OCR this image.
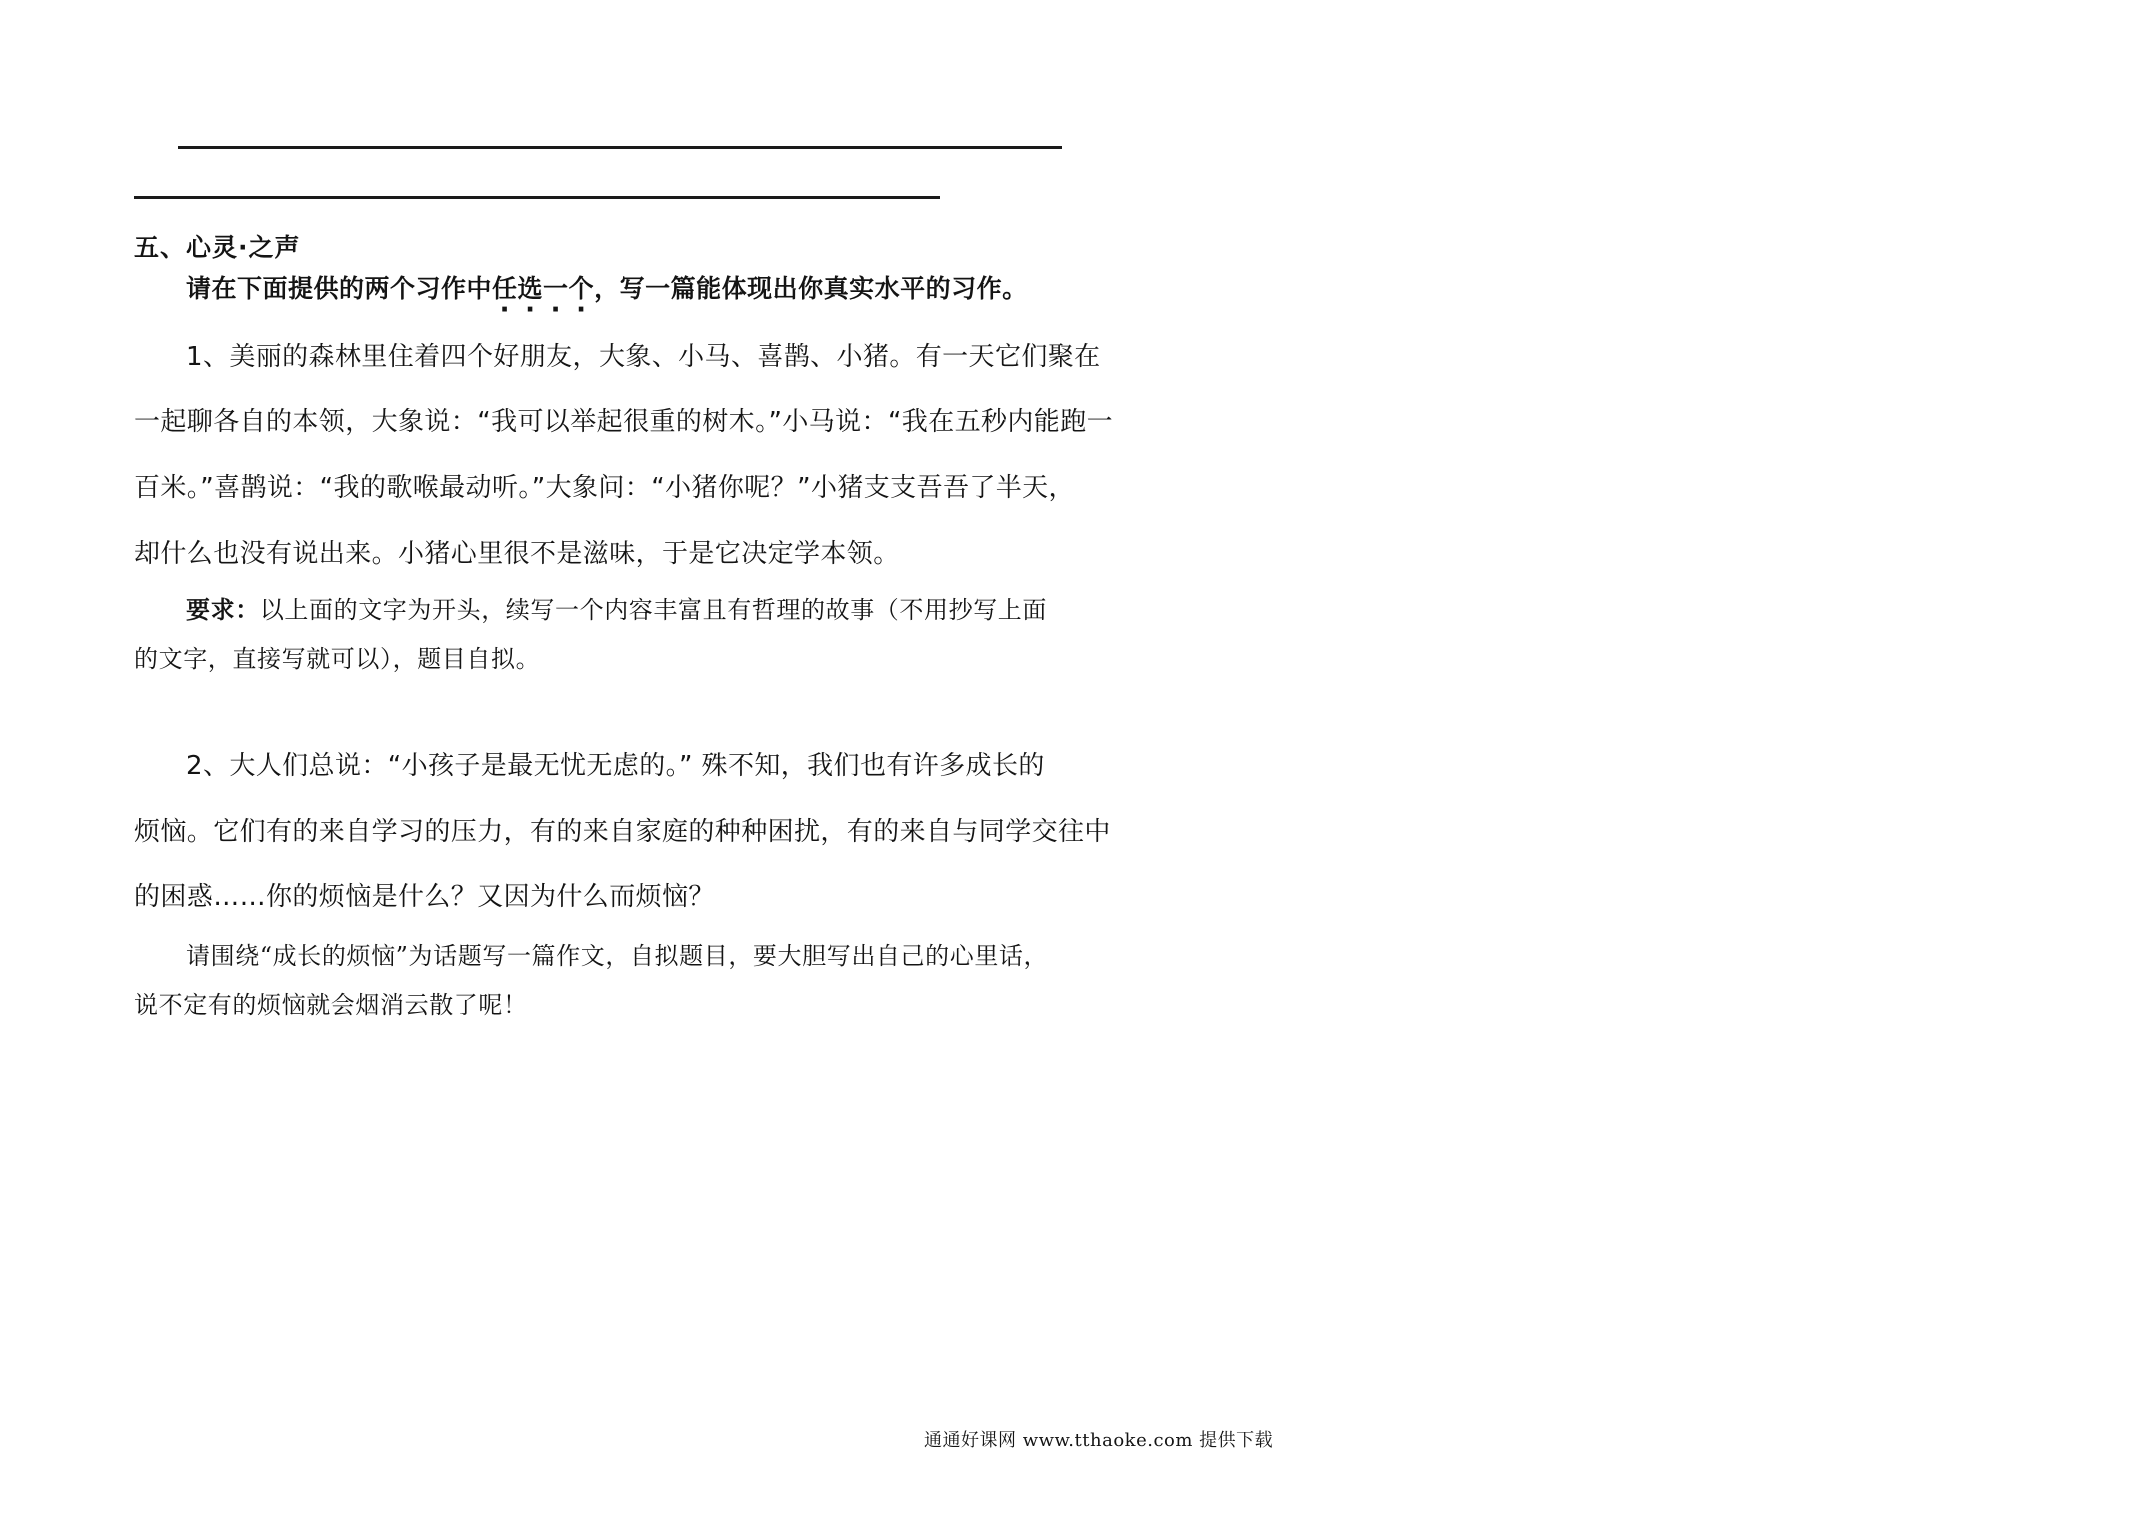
五、心灵·之声

请在下面提供的两个习作中任选一个，写一篇能体现出你真实水平的习作。

1、美丽的森林里住着四个好朋友，大象、小马、喜鹊、小猪。有一天它们聚在

一起聊各自的本领，大象说：“我可以举起很重的树木。”小马说：“我在五秒内能跑一

百米。”喜鹊说：“我的歌喉最动听。”大象问：“小猪你呢？”小猪支支吾吾了半天，

却什么也没有说出来。小猪心里很不是滋味，于是它决定学本领。

要求：以上面的文字为开头，续写一个内容丰富且有哲理的故事（不用抄写上面

的文字，直接写就可以），题目自拟。

2、大人们总说：“小孩子是最无忧无虑的。” 殊不知，我们也有许多成长的

烦恼。它们有的来自学习的压力，有的来自家庭的种种困扰，有的来自与同学交往中

的困惑……你的烦恼是什么？又因为什么而烦恼？

请围绕“成长的烦恼”为话题写一篇作文，自拟题目，要大胆写出自己的心里话，

说不定有的烦恼就会烟消云散了呢！

通通好课网 www.tthaoke.com 提供下载
